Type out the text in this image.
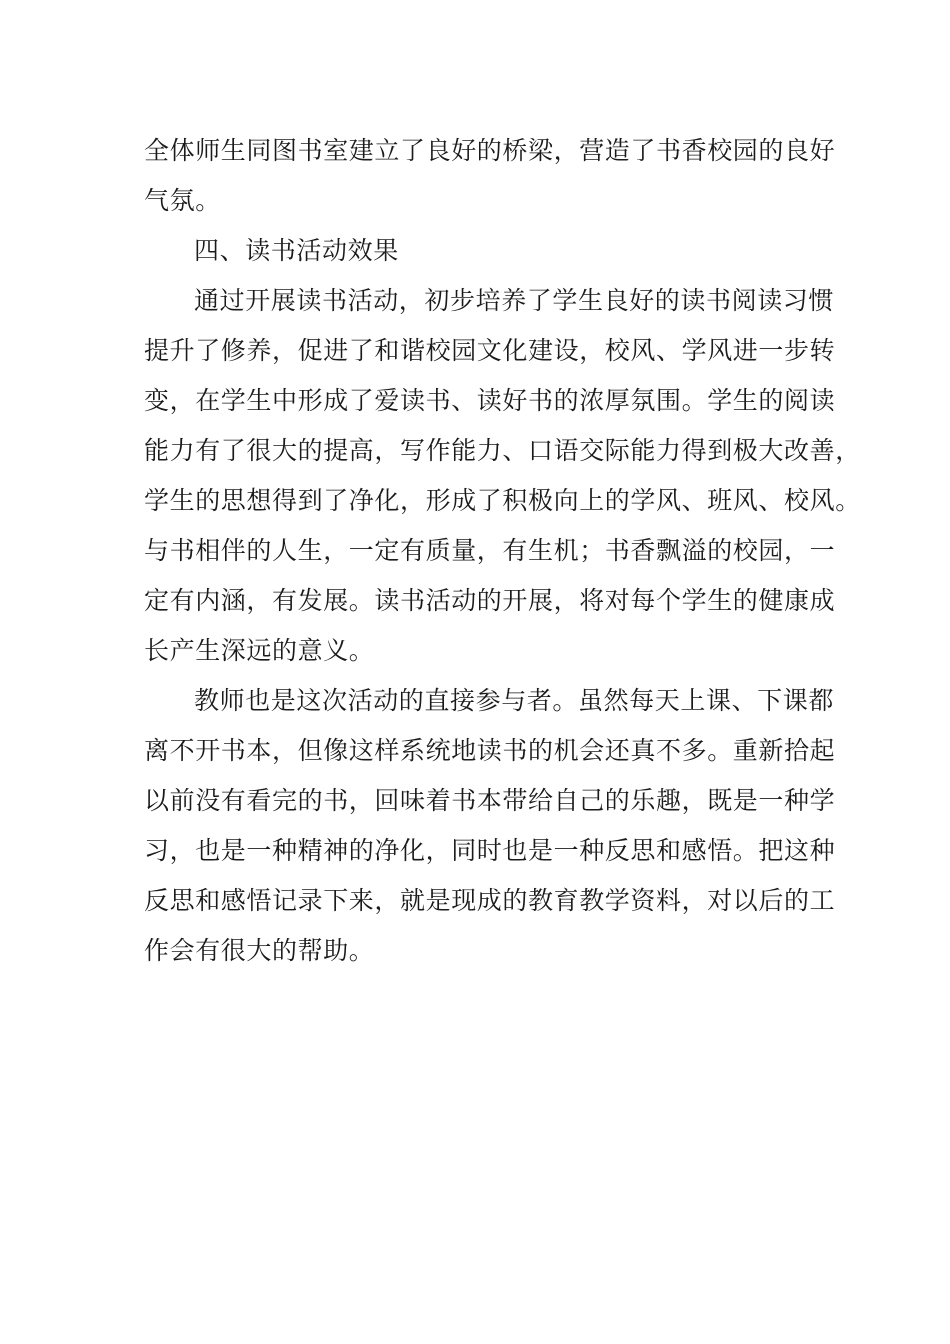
全体师生同图书室建立了良好的桥梁，营造了书香校园的良好
气氛。
四、读书活动效果
通过开展读书活动，初步培养了学生良好的读书阅读习惯
提升了修养，促进了和谐校园文化建设，校风、学风进一步转
变，在学生中形成了爱读书、读好书的浓厚氛围。学生的阅读
能力有了很大的提高，写作能力、口语交际能力得到极大改善，
学生的思想得到了净化，形成了积极向上的学风、班风、校风。
与书相伴的人生，一定有质量，有生机；书香飘溢的校园，一
定有内涵，有发展。读书活动的开展，将对每个学生的健康成
长产生深远的意义。
教师也是这次活动的直接参与者。虽然每天上课、下课都
离不开书本，但像这样系统地读书的机会还真不多。重新拾起
以前没有看完的书，回味着书本带给自己的乐趣，既是一种学
习，也是一种精神的净化，同时也是一种反思和感悟。把这种
反思和感悟记录下来，就是现成的教育教学资料，对以后的工
作会有很大的帮助。
